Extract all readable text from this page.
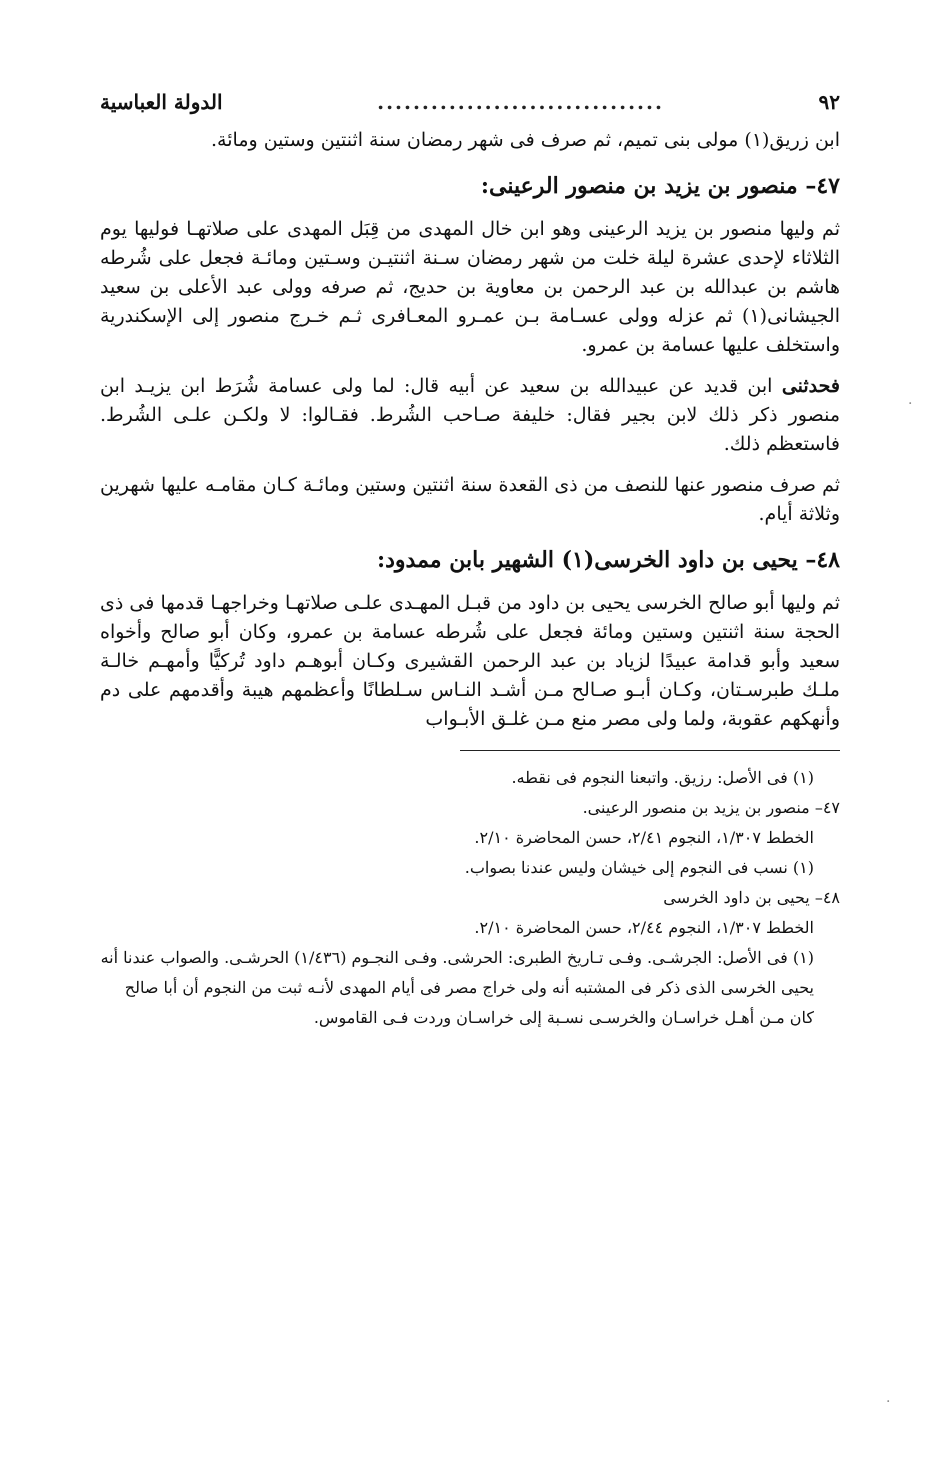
٩٢
................................
الدولة العباسية

ابن زريق(١) مولى بنى تميم، ثم صرف فى شهر رمضان سنة اثنتين وستين ومائة.

٤٧– منصور بن يزيد بن منصور الرعينى:

ثم وليها منصور بن يزيد الرعينى وهو ابن خال المهدى من قِبَل المهدى على صلاتهـا فوليها يوم الثلاثاء لإحدى عشرة ليلة خلت من شهر رمضان سـنة اثنتيـن وسـتين ومائـة فجعل على شُرطه هاشم بن عبدالله بن عبد الرحمن بن معاوية بن حديج، ثم صرفه وولى عبد الأعلى بن سعيد الجيشانى(١) ثم عزله وولى عسـامة بـن عمـرو المعـافرى ثـم خـرج منصور إلى الإسكندرية واستخلف عليها عسامة بن عمرو.

فحدثنى ابن قديد عن عبيدالله بن سعيد عن أبيه قال: لما ولى عسامة شُرَط ابن يزيـد ابن منصور ذكر ذلك لابن بجير فقال: خليفة صـاحب الشُرط. فقـالوا: لا ولكـن علـى الشُرط. فاستعظم ذلك.

ثم صرف منصور عنها للنصف من ذى القعدة سنة اثنتين وستين ومائـة كـان مقامـه عليها شهرين وثلاثة أيام.

٤٨– يحيى بن داود الخرسى(١) الشهير بابن ممدود:

ثم وليها أبو صالح الخرسى يحيى بن داود من قبـل المهـدى علـى صلاتهـا وخراجهـا قدمها فى ذى الحجة سنة اثنتين وستين ومائة فجعل على شُرطه عسامة بن عمرو، وكان أبو صالح وأخواه سعيد وأبو قدامة عبيدًا لزياد بن عبد الرحمن القشيرى وكـان أبوهـم داود تُركيًّا وأمهـم خالـة ملـك طبرسـتان، وكـان أبـو صـالح مـن أشـد النـاس سـلطانًا وأعظمهم هيبة وأقدمهم على دم وأنهكهم عقوبة، ولما ولى مصر منع مـن غلـق الأبـواب

(١) فى الأصل: رزيق. واتبعنا النجوم فى نقطه.

٤٧– منصور بن يزيد بن منصور الرعينى.

الخطط ١/٣٠٧، النجوم ٢/٤١، حسن المحاضرة ٢/١٠.

(١) نسب فى النجوم إلى خيشان وليس عندنا بصواب.

٤٨– يحيى بن داود الخرسى

الخطط ١/٣٠٧، النجوم ٢/٤٤، حسن المحاضرة ٢/١٠.

(١) فى الأصل: الجرشـى. وفـى تـاريخ الطبرى: الحرشى. وفـى النجـوم (١/٤٣٦) الحرشـى. والصواب عندنا أنه يحيى الخرسى الذى ذكر فى المشتبه أنه ولى خراج مصر فى أيام المهدى لأنـه ثبت من النجوم أن أبا صالح كان مـن أهـل خراسـان والخرسـى نسـبة إلى خراسـان وردت فـى القاموس.

·
·
